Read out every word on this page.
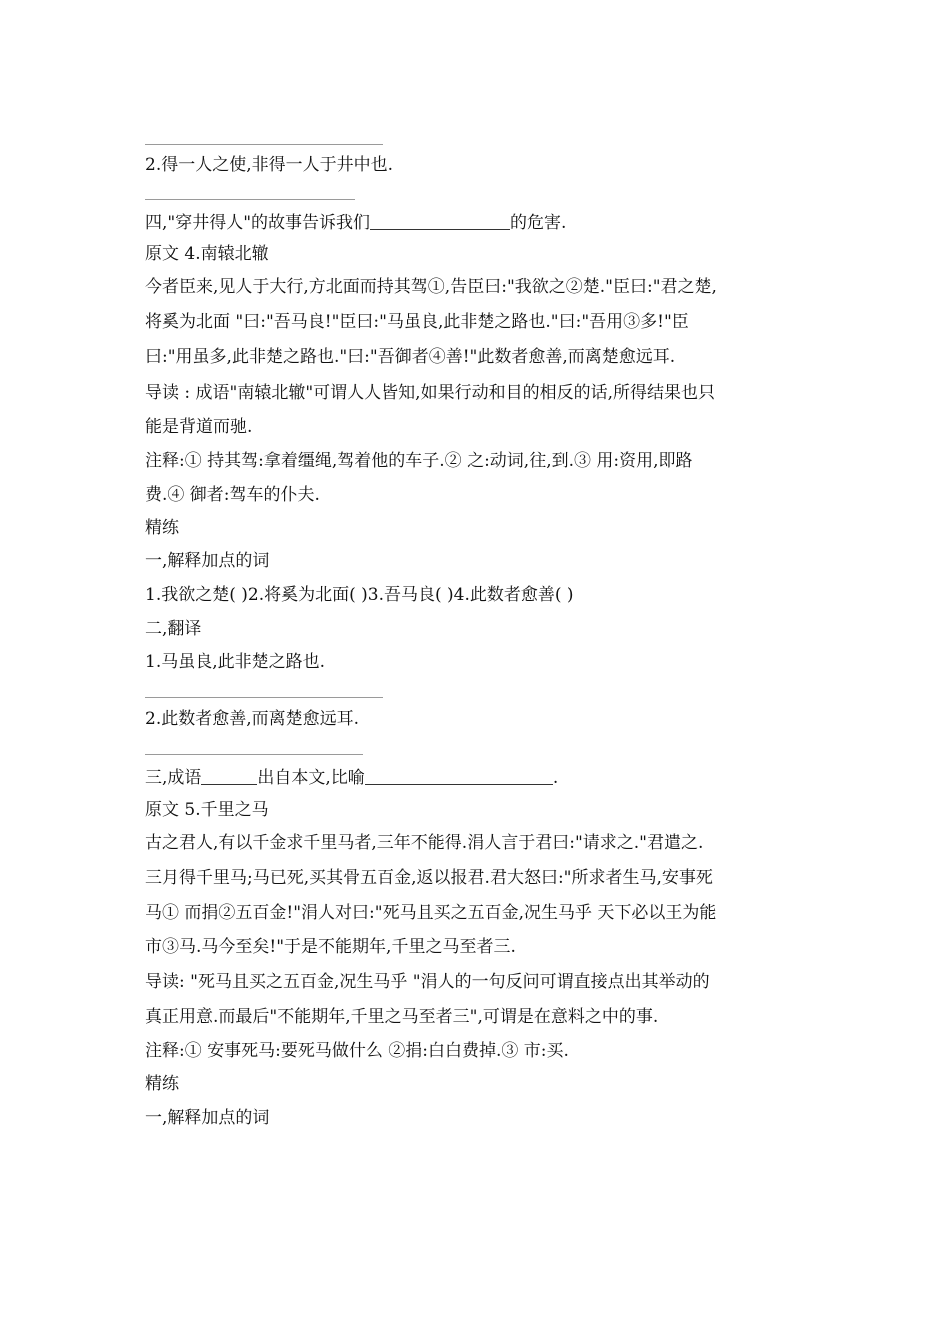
2.得一人之使,非得一人于井中也.
四,"穿井得人"的故事告诉我们	的危害.
原文 4.南辕北辙
今者臣来,见人于大行,方北面而持其驾①,告臣曰:"我欲之②楚."臣曰:"君之楚,
将奚为北面 "曰:"吾马良!"臣曰:"马虽良,此非楚之路也."曰:"吾用③多!"臣
曰:"用虽多,此非楚之路也."曰:"吾御者④善!"此数者愈善,而离楚愈远耳.
导读 : 成语"南辕北辙"可谓人人皆知,如果行动和目的相反的话,所得结果也只
能是背道而驰.
注释:① 持其驾:拿着缰绳,驾着他的车子.② 之:动词,往,到.③ 用:资用,即路
费.④ 御者:驾车的仆夫.
精练
一,解释加点的词
1.我欲之楚( )2.将奚为北面( )3.吾马良( )4.此数者愈善( )
二,翻译
1.马虽良,此非楚之路也.
2.此数者愈善,而离楚愈远耳.
三,成语	出自本文,比喻	.
原文 5.千里之马
古之君人,有以千金求千里马者,三年不能得.涓人言于君曰:"请求之."君遣之.
三月得千里马;马已死,买其骨五百金,返以报君.君大怒曰:"所求者生马,安事死
马① 而捐②五百金!"涓人对曰:"死马且买之五百金,况生马乎 天下必以王为能
市③马.马今至矣!"于是不能期年,千里之马至者三.
导读: "死马且买之五百金,况生马乎 "涓人的一句反问可谓直接点出其举动的
真正用意.而最后"不能期年,千里之马至者三",可谓是在意料之中的事.
注释:① 安事死马:要死马做什么 ②捐:白白费掉.③ 市:买.
精练
一,解释加点的词
